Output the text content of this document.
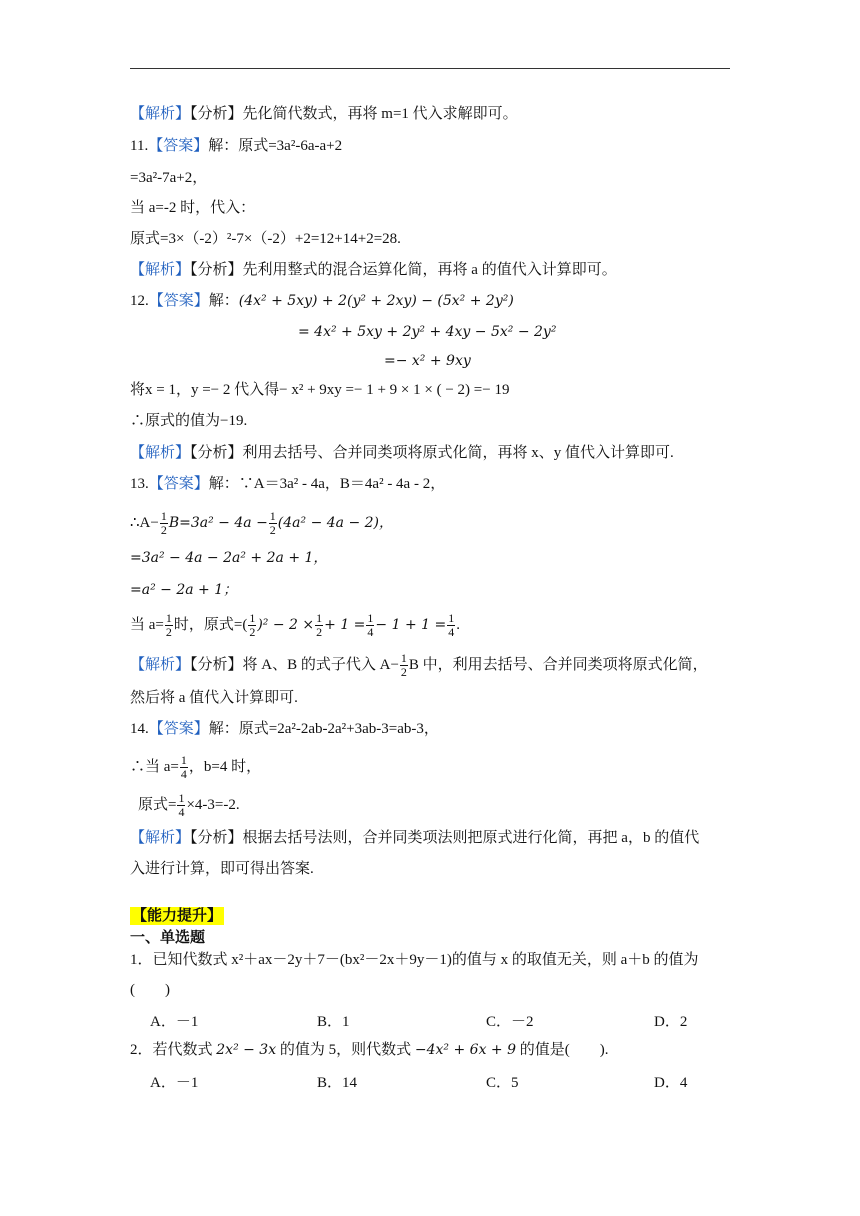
【解析】【分析】先化简代数式，再将 m=1 代入求解即可。
11.【答案】解：原式=3a²-6a-a+2
=3a²-7a+2，
当 a=-2 时，代入：
原式=3×（-2）²-7×（-2）+2=12+14+2=28.
【解析】【分析】先利用整式的混合运算化简，再将 a 的值代入计算即可。
12.【答案】解：(4x² + 5xy) + 2(y² + 2xy) − (5x² + 2y²)
= 4x² + 5xy + 2y² + 4xy − 5x² − 2y²
=− x² + 9xy
将x = 1，y =− 2 代入得− x² + 9xy =− 1 + 9 × 1 × ( − 2) =− 19
∴原式的值为−19.
【解析】【分析】利用去括号、合并同类项将原式化简，再将 x、y 值代入计算即可.
13.【答案】解：∵A＝3a² - 4a，B＝4a² - 4a - 2，
∴A− $\frac{1}{2} B=3a^2 - 4a - \frac{1}{2} (4a^2 - 4a - 2)$，
=3a² − 4a − 2a² + 2a + 1，
=a² − 2a + 1；
当 $a= \frac{1}{2}$ 时，原式=( $\frac{1}{2} )^2 - 2 \times \frac{1}{2} + 1 = \frac{1}{4} - 1 + 1 = \frac{1}{4}$ .
【解析】【分析】将 A、B 的式子代入 $A- \frac{1}{2}$ B 中，利用去括号、合并同类项将原式化简，
然后将 a 值代入计算即可.
14.【答案】解：原式=2a²-2ab-2a²+3ab-3=ab-3，
∴当 $a= \frac{1}{4}$ ，b=4 时，
原式= $\frac{1}{4} \times 4-3=-2$.
【解析】【分析】根据去括号法则，合并同类项法则把原式进行化简，再把 a，b 的值代
入进行计算，即可得出答案.
【能力提升】
一、单选题
1．已知代数式 x²＋ax－2y＋7－(bx²－2x＋9y－1)的值与 x 的取值无关，则 a＋b 的值为
(　　)
A．－1	B．1	C．－2	D．2
2．若代数式 2x² − 3x 的值为 5，则代数式 −4x² + 6x + 9 的值是(　　).
A．－1	B．14	C．5	D．4
